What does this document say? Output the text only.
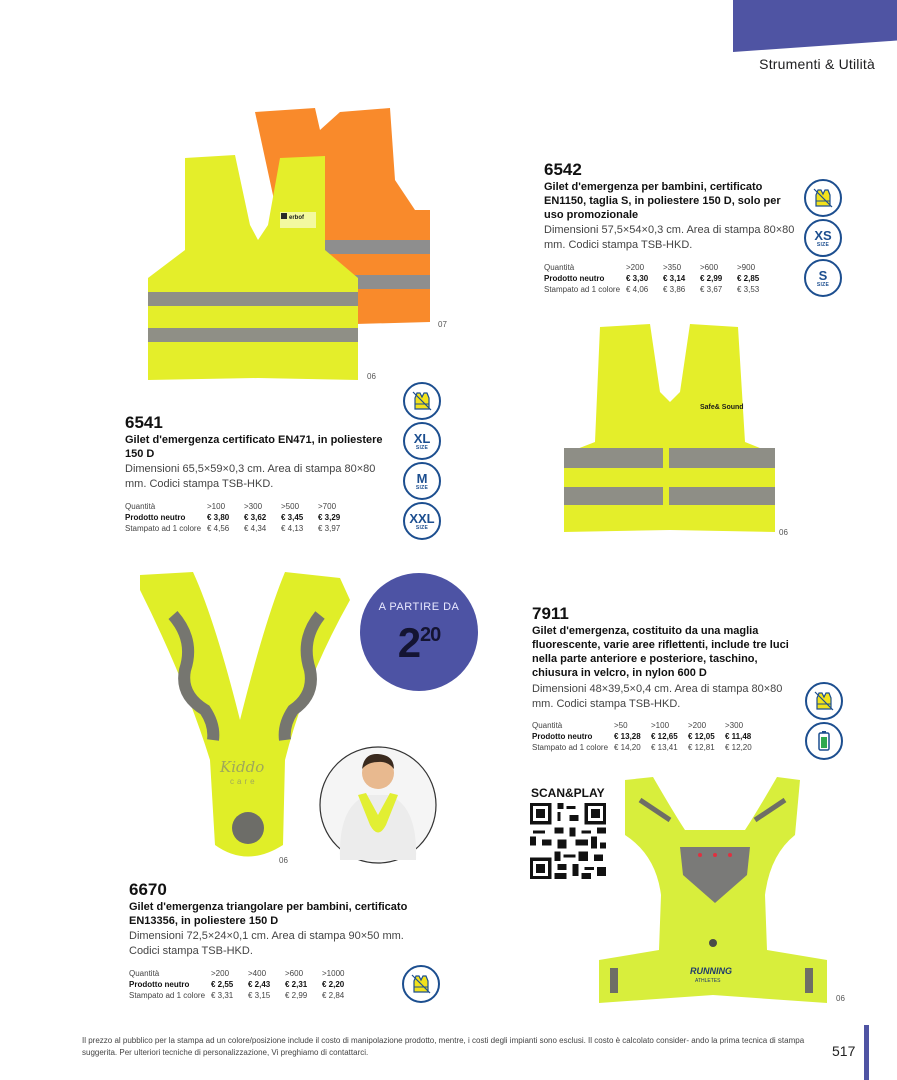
Strumenti & Utilità
erbof
07
06
6541
Gilet d'emergenza certificato EN471, in poliestere 150 D
Dimensioni 65,5×59×0,3 cm. Area di stampa 80×80 mm. Codici stampa TSB-HKD.
Quantità	>100	>300	>500	>700
Prodotto neutro	€ 3,80	€ 3,62	€ 3,45	€ 3,29
Stampato ad 1 colore	€ 4,56	€ 4,34	€ 4,13	€ 3,97
XL
SIZE
M
SIZE
XXL
SIZE
6542
Gilet d'emergenza per bambini, certificato EN1150, taglia S, in poliestere 150 D, solo per uso promozionale
Dimensioni 57,5×54×0,3 cm. Area di stampa 80×80 mm. Codici stampa TSB-HKD.
Quantità	>200	>350	>600	>900
Prodotto neutro	€ 3,30	€ 3,14	€ 2,99	€ 2,85
Stampato ad 1 colore	€ 4,06	€ 3,86	€ 3,67	€ 3,53
XS
SIZE
S
SIZE
Safe& Sound
06
Kiddo
care
06
A PARTIRE DA
$2^{20}$
6670
Gilet d'emergenza triangolare per bambini, certificato EN13356, in poliestere 150 D
Dimensioni 72,5×24×0,1 cm. Area di stampa 90×50 mm. Codici stampa TSB-HKD.
Quantità	>200	>400	>600	>1000
Prodotto neutro	€ 2,55	€ 2,43	€ 2,31	€ 2,20
Stampato ad 1 colore	€ 3,31	€ 3,15	€ 2,99	€ 2,84
7911
Gilet d'emergenza, costituito da una maglia fluorescente, varie aree riflettenti, include tre luci nella parte anteriore e posteriore, taschino, chiusura in velcro, in nylon 600 D
Dimensioni 48×39,5×0,4 cm. Area di stampa 80×80 mm. Codici stampa TSB-HKD.
Quantità	>50	>100	>200	>300
Prodotto neutro	€ 13,28	€ 12,65	€ 12,05	€ 11,48
Stampato ad 1 colore	€ 14,20	€ 13,41	€ 12,81	€ 12,20
SCAN&PLAY
RUNNING
ATHLETES
06
Il prezzo al pubblico per la stampa ad un colore/posizione include il costo di manipolazione prodotto, mentre, i costi degli impianti sono esclusi. Il costo è calcolato consider- ando la prima tecnica di stampa suggerita. Per ulteriori tecniche di personalizzazione, Vi preghiamo di contattarci.	517
